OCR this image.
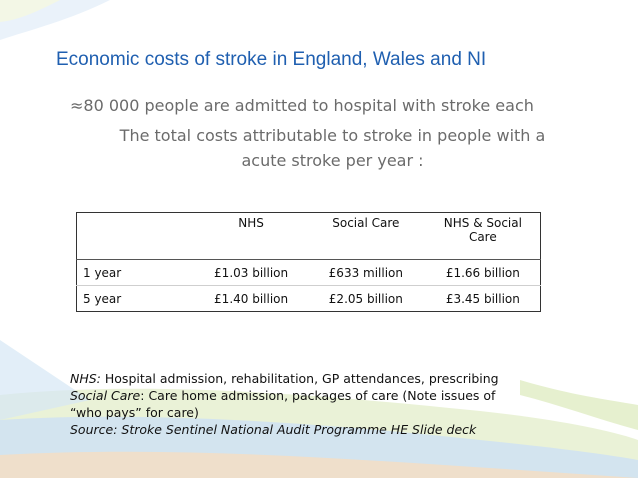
Economic costs of stroke in England, Wales and NI
≈80 000 people are admitted to hospital with stroke each
The total costs attributable to stroke in people with a
acute stroke per year :
	NHS	Social Care	NHS & Social
Care
1 year	£1.03 billion	£633 million	£1.66 billion
5 year	£1.40 billion	£2.05 billion	£3.45 billion

NHS: Hospital admission, rehabilitation, GP attendances, prescribing

Social Care: Care home admission, packages of care (Note issues of

“who pays” for care)

Source: Stroke Sentinel National Audit Programme HE Slide deck
